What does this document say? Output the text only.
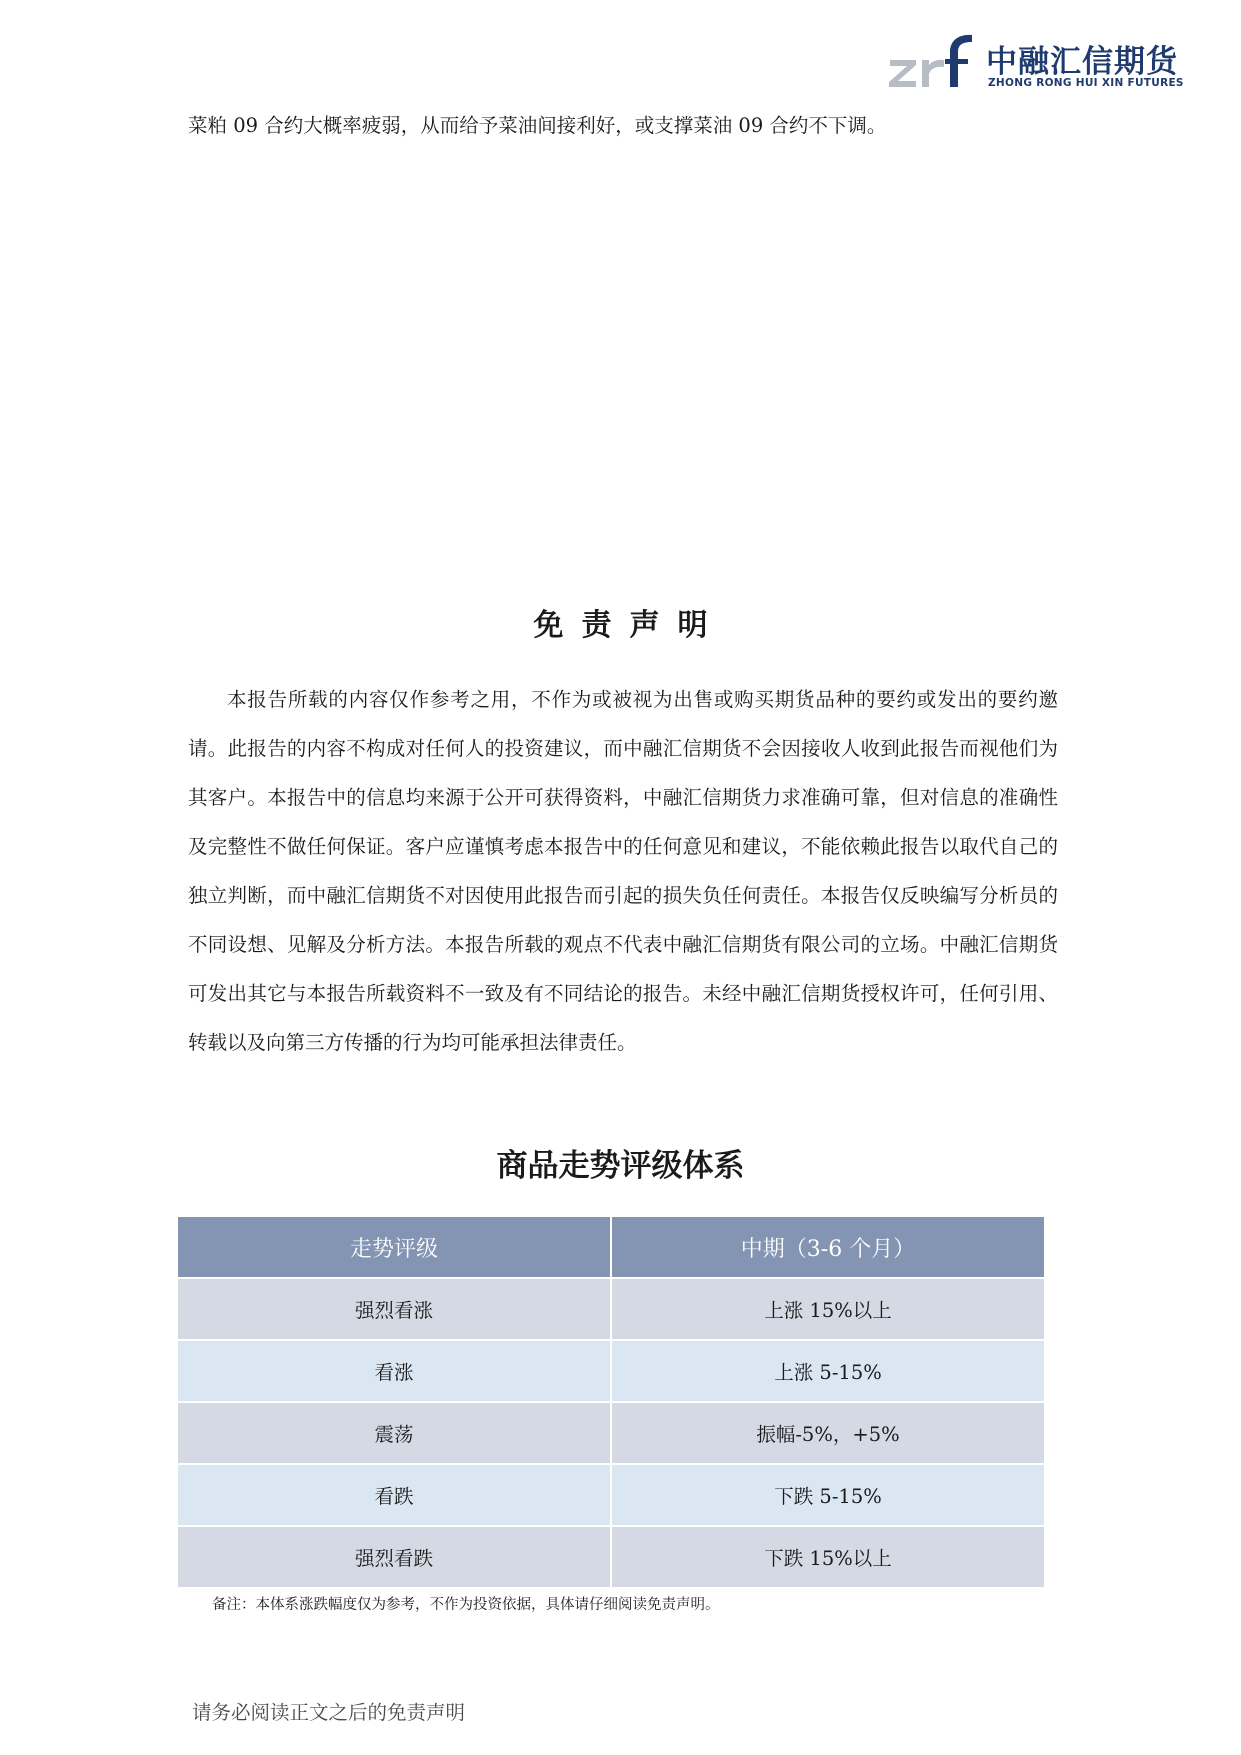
中融汇信期货
ZHONG RONG HUI XIN FUTURES
菜粕 09 合约大概率疲弱，从而给予菜油间接利好，或支撑菜油 09 合约不下调。
免责声明

本报告所载的内容仅作参考之用，不作为或被视为出售或购买期货品种的要约或发出的要约邀请。此报告的内容不构成对任何人的投资建议，而中融汇信期货不会因接收人收到此报告而视他们为其客户。本报告中的信息均来源于公开可获得资料，中融汇信期货力求准确可靠，但对信息的准确性及完整性不做任何保证。客户应谨慎考虑本报告中的任何意见和建议，不能依赖此报告以取代自己的独立判断，而中融汇信期货不对因使用此报告而引起的损失负任何责任。本报告仅反映编写分析员的不同设想、见解及分析方法。本报告所载的观点不代表中融汇信期货有限公司的立场。中融汇信期货可发出其它与本报告所载资料不一致及有不同结论的报告。未经中融汇信期货授权许可，任何引用、转载以及向第三方传播的行为均可能承担法律责任。

商品走势评级体系
走势评级	中期（3-6 个月）
强烈看涨	上涨 15%以上
看涨	上涨 5-15%
震荡	振幅-5%，+5%
看跌	下跌 5-15%
强烈看跌	下跌 15%以上
备注：本体系涨跌幅度仅为参考，不作为投资依据，具体请仔细阅读免责声明。
请务必阅读正文之后的免责声明
